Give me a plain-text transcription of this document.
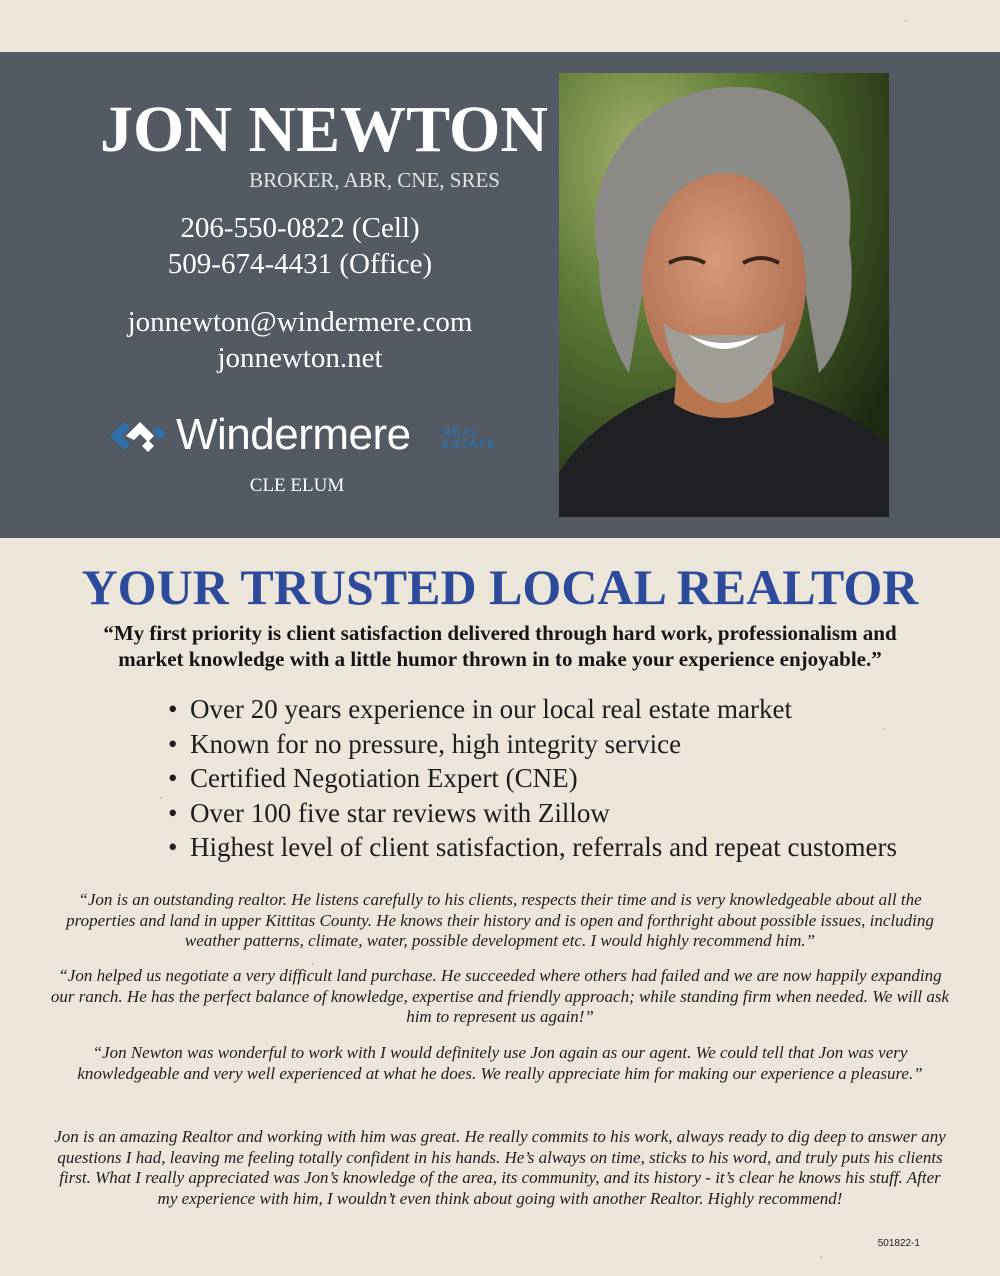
JON NEWTON
BROKER, ABR, CNE, SRES
206-550-0822 (Cell)
509-674-4431 (Office)
jonnewton@windermere.com
jonnewton.net
Windermere	REAL
ESTATE
CLE ELUM
YOUR TRUSTED LOCAL REALTOR
“My first priority is client satisfaction delivered through hard work, professionalism and market knowledge with a little humor thrown in to make your experience enjoyable.”
• Over 20 years experience in our local real estate market
• Known for no pressure, high integrity service
• Certified Negotiation Expert (CNE)
• Over 100 five star reviews with Zillow
• Highest level of client satisfaction, referrals and repeat customers
“Jon is an outstanding realtor. He listens carefully to his clients, respects their time and is very knowledgeable about all the properties and land in upper Kittitas County. He knows their history and is open and forthright about possible issues, including weather patterns, climate, water, possible development etc. I would highly recommend him.”
“Jon helped us negotiate a very difficult land purchase. He succeeded where others had failed and we are now happily expanding our ranch. He has the perfect balance of knowledge, expertise and friendly approach; while standing firm when needed. We will ask him to represent us again!”
“Jon Newton was wonderful to work with I would definitely use Jon again as our agent. We could tell that Jon was very knowledgeable and very well experienced at what he does. We really appreciate him for making our experience a pleasure.”
Jon is an amazing Realtor and working with him was great. He really commits to his work, always ready to dig deep to answer any questions I had, leaving me feeling totally confident in his hands. He’s always on time, sticks to his word, and truly puts his clients first. What I really appreciated was Jon’s knowledge of the area, its community, and its history - it’s clear he knows his stuff. After my experience with him, I wouldn’t even think about going with another Realtor. Highly recommend!
501822-1
